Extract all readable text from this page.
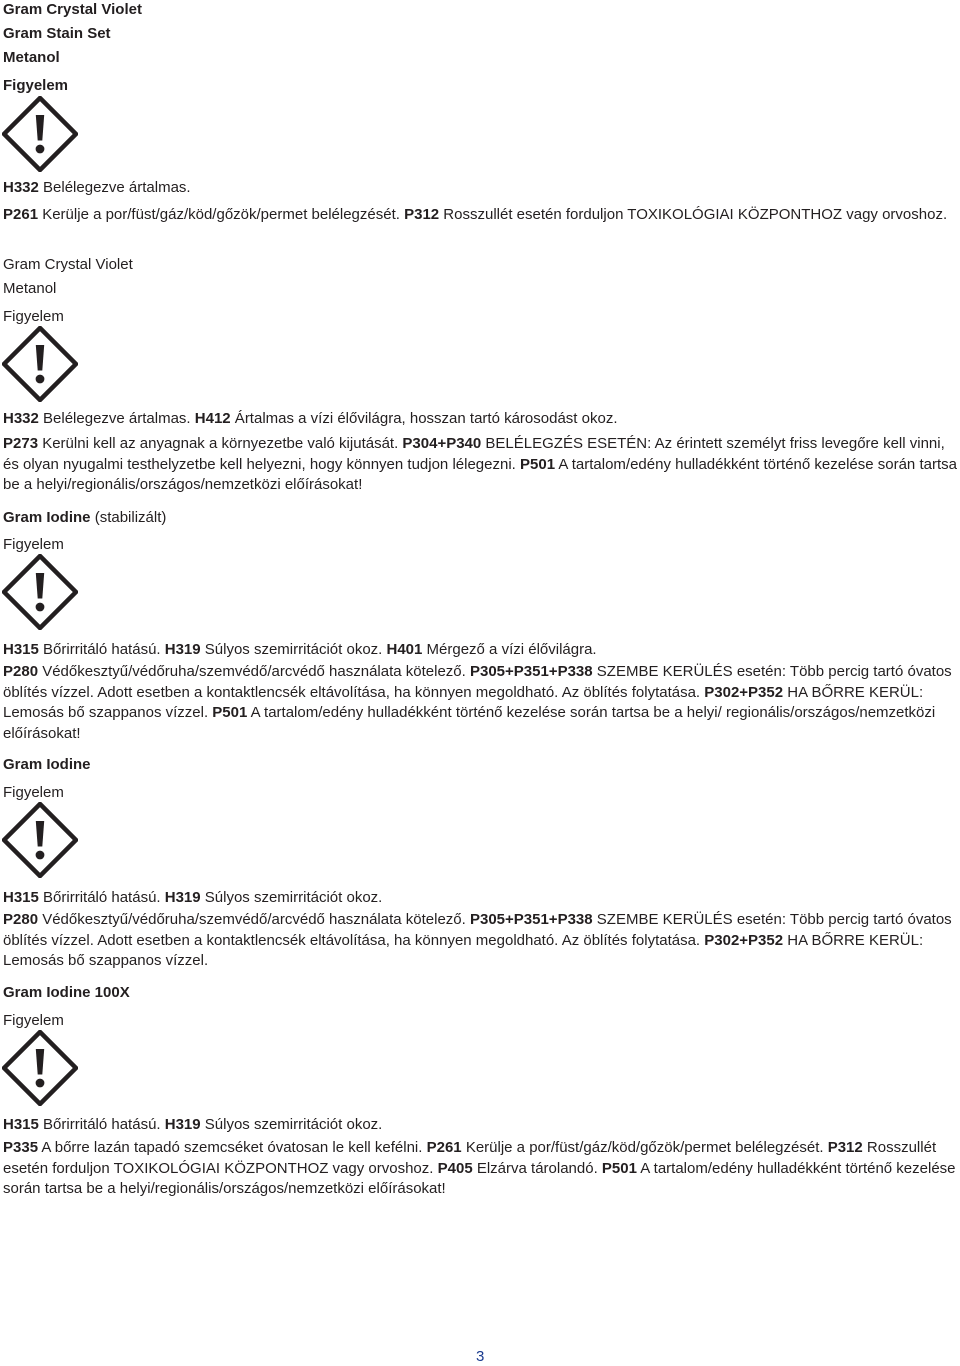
Gram Crystal Violet
Gram Stain Set
Metanol
Figyelem
H332 Belélegezve ártalmas.
P261 Kerülje a por/füst/gáz/köd/gőzök/permet belélegzését. P312 Rosszullét esetén forduljon TOXIKOLÓGIAI KÖZPONTHOZ vagy orvoshoz.
Gram Crystal Violet
Metanol
Figyelem
H332 Belélegezve ártalmas. H412 Ártalmas a vízi élővilágra, hosszan tartó károsodást okoz.
P273 Kerülni kell az anyagnak a környezetbe való kijutását. P304+P340 BELÉLEGZÉS ESETÉN: Az érintett személyt friss levegőre kell vinni, és olyan nyugalmi testhelyzetbe kell helyezni, hogy könnyen tudjon lélegezni. P501 A tartalom/edény hulladékként történő kezelése során tartsa be a helyi/regionális/országos/nemzetközi előírásokat!
Gram Iodine (stabilizált)
Figyelem
H315 Bőrirritáló hatású. H319 Súlyos szemirritációt okoz. H401 Mérgező a vízi élővilágra.
P280 Védőkesztyű/védőruha/szemvédő/arcvédő használata kötelező. P305+P351+P338 SZEMBE KERÜLÉS esetén: Több percig tartó óvatos öblítés vízzel. Adott esetben a kontaktlencsék eltávolítása, ha könnyen megoldható. Az öblítés folytatása. P302+P352 HA BŐRRE KERÜL: Lemosás bő szappanos vízzel. P501 A tartalom/edény hulladékként történő kezelése során tartsa be a helyi/ regionális/országos/nemzetközi előírásokat!
Gram Iodine
Figyelem
H315 Bőrirritáló hatású. H319 Súlyos szemirritációt okoz.
P280 Védőkesztyű/védőruha/szemvédő/arcvédő használata kötelező. P305+P351+P338 SZEMBE KERÜLÉS esetén: Több percig tartó óvatos öblítés vízzel. Adott esetben a kontaktlencsék eltávolítása, ha könnyen megoldható. Az öblítés folytatása. P302+P352 HA BŐRRE KERÜL: Lemosás bő szappanos vízzel.
Gram Iodine 100X
Figyelem
H315 Bőrirritáló hatású. H319 Súlyos szemirritációt okoz.
P335 A bőrre lazán tapadó szemcséket óvatosan le kell kefélni. P261 Kerülje a por/füst/gáz/köd/gőzök/permet belélegzését. P312 Rosszullét esetén forduljon TOXIKOLÓGIAI KÖZPONTHOZ vagy orvoshoz. P405 Elzárva tárolandó. P501 A tartalom/edény hulladékként történő kezelése során tartsa be a helyi/regionális/országos/nemzetközi előírásokat!
3
